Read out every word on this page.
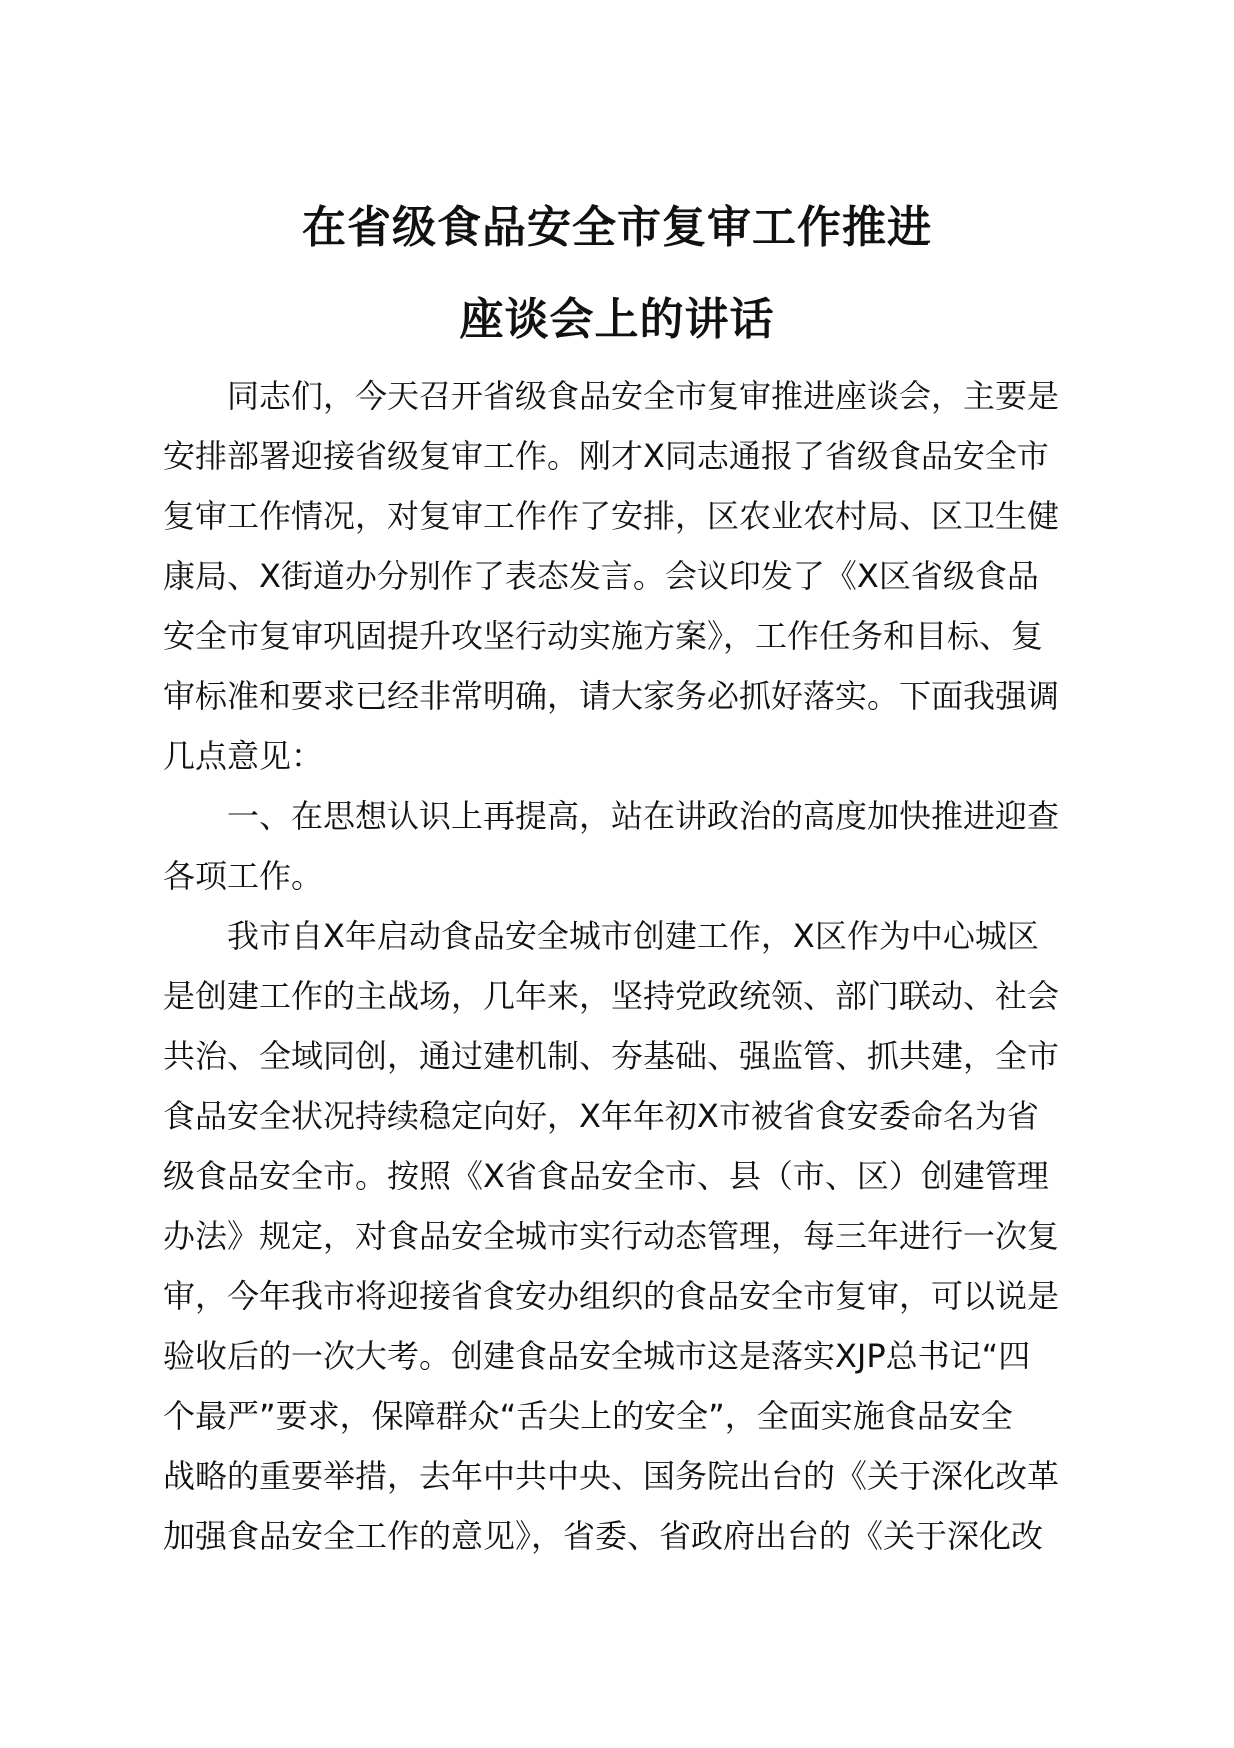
在省级食品安全市复审工作推进
座谈会上的讲话
同志们，今天召开省级食品安全市复审推进座谈会，主要是
安排部署迎接省级复审工作。刚才X同志通报了省级食品安全市
复审工作情况，对复审工作作了安排，区农业农村局、区卫生健
康局、X街道办分别作了表态发言。会议印发了《X区省级食品
安全市复审巩固提升攻坚行动实施方案》，工作任务和目标、复
审标准和要求已经非常明确，请大家务必抓好落实。下面我强调
几点意见：
一、在思想认识上再提高，站在讲政治的高度加快推进迎查
各项工作。
我市自X年启动食品安全城市创建工作，X区作为中心城区
是创建工作的主战场，几年来，坚持党政统领、部门联动、社会
共治、全域同创，通过建机制、夯基础、强监管、抓共建，全市
食品安全状况持续稳定向好，X年年初X市被省食安委命名为省
级食品安全市。按照《X省食品安全市、县（市、区）创建管理
办法》规定，对食品安全城市实行动态管理，每三年进行一次复
审，今年我市将迎接省食安办组织的食品安全市复审，可以说是
验收后的一次大考。创建食品安全城市这是落实XJP总书记“四
个最严”要求，保障群众“舌尖上的安全”，全面实施食品安全
战略的重要举措，去年中共中央、国务院出台的《关于深化改革
加强食品安全工作的意见》，省委、省政府出台的《关于深化改
